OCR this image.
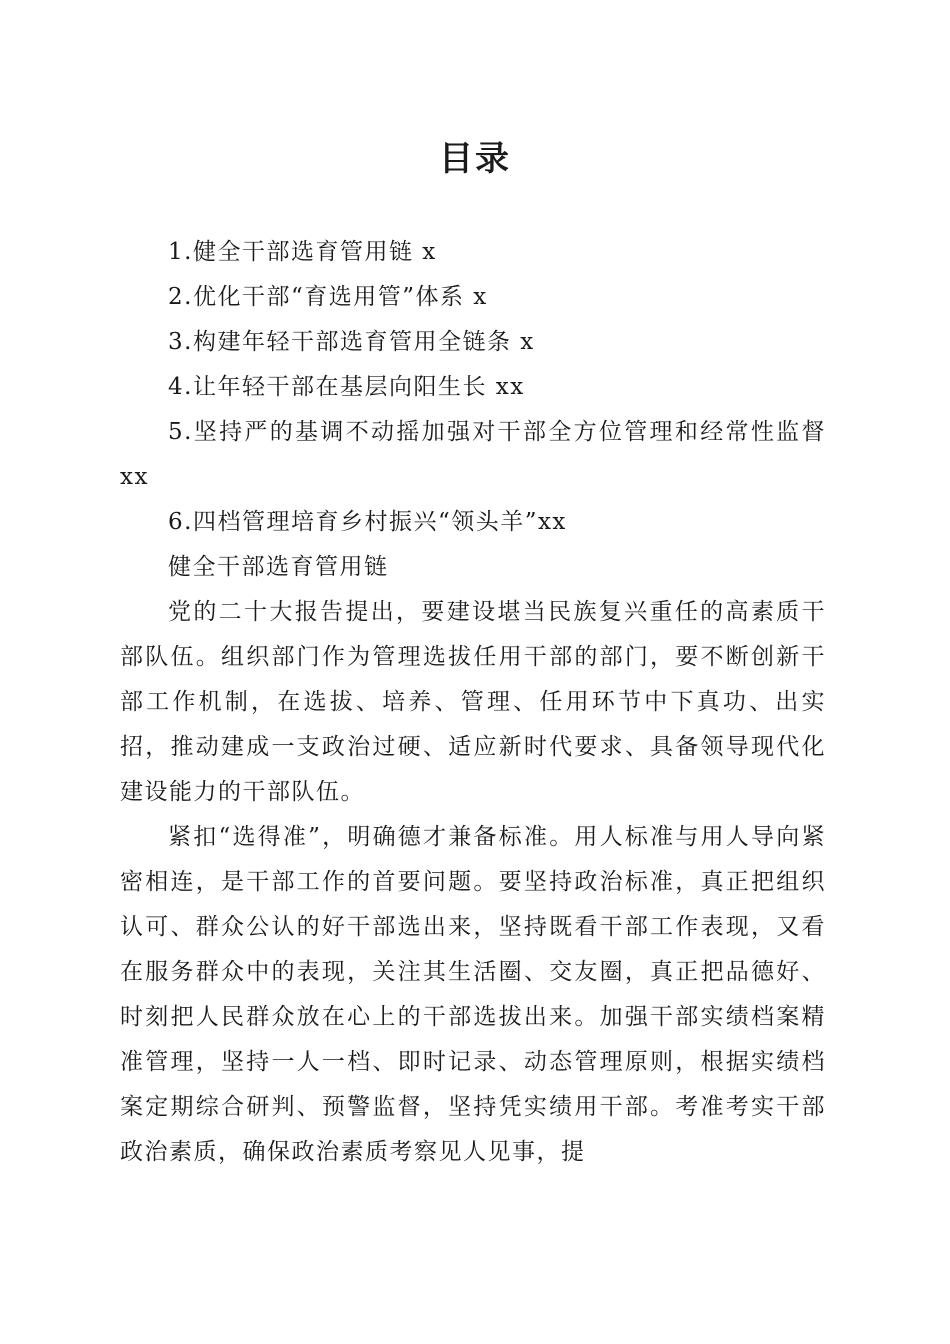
目录

1.健全干部选育管用链 x

2.优化干部“育选用管”体系 x

3.构建年轻干部选育管用全链条 x

4.让年轻干部在基层向阳生长 xx

5.坚持严的基调不动摇加强对干部全方位管理和经常性监督 xx

6.四档管理培育乡村振兴“领头羊”xx

健全干部选育管用链

党的二十大报告提出，要建设堪当民族复兴重任的高素质干部队伍。组织部门作为管理选拔任用干部的部门，要不断创新干部工作机制，在选拔、培养、管理、任用环节中下真功、出实招，推动建成一支政治过硬、适应新时代要求、具备领导现代化建设能力的干部队伍。

紧扣“选得准”，明确德才兼备标准。用人标准与用人导向紧密相连，是干部工作的首要问题。要坚持政治标准，真正把组织认可、群众公认的好干部选出来，坚持既看干部工作表现，又看在服务群众中的表现，关注其生活圈、交友圈，真正把品德好、时刻把人民群众放在心上的干部选拔出来。加强干部实绩档案精准管理，坚持一人一档、即时记录、动态管理原则，根据实绩档案定期综合研判、预警监督，坚持凭实绩用干部。考准考实干部政治素质，确保政治素质考察见人见事，提
